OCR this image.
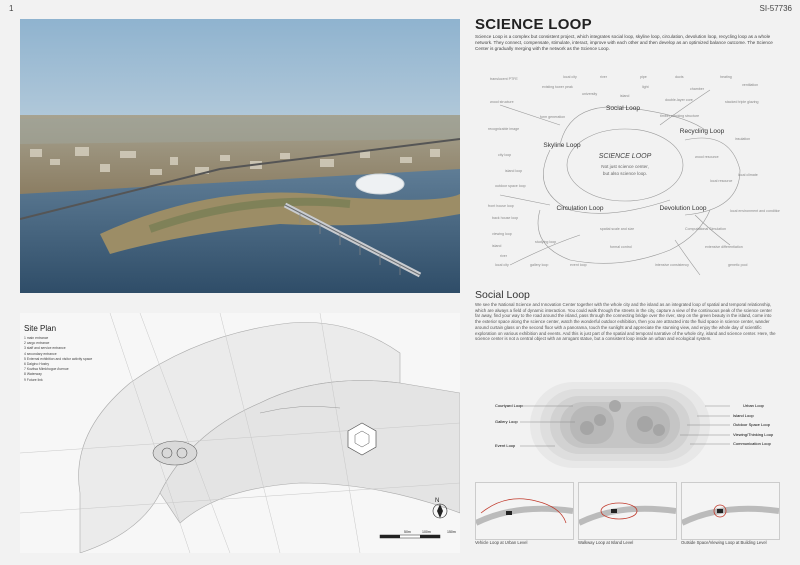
1	SI-57736
SCIENCE LOOP
Science Loop is a complex but consistent project, which integrates social loop, skyline loop, circulation, devolution loop, recycling loop as a whole network. They connect, compensate, stimulate, interact, improve with each other and then develop as an optimized balance outcome. The Science Center is gradually merging with the network as the Science Loop.
SCIENCE LOOP
Not just science center,
but also science loop.
Social Loop
Recycling Loop
Skyline Loop
Circulation Loop	Devolution Loop
translucent PTFE	local city	river	pipe	ducts	heating
ventilation
wood structure
existing tower peak
university
light	chamber
island
double-layer core	stacked triple glazing
form generation	timber stacking structure
recognizable image
insulation
city loop	wood resource
island loop
local climate
outdoor space loop
local resource
front house loop
local environment and condition
back house loop
viewing loop
spatial scale and size	Computational Simulation
island
studying loop
river
formal control	extensive differentiation
local city	gallery loop	event loop	intensive consistency	genetic pool
Social Loop
We see the National Science and Innovation Center together with the whole city and the island as an integrated loop of spatial and temporal relationship, which are always a field of dynamic interaction. You could walk through the streets in the city, capture a view of the continuous peak of the science center far away, find your way to the road around the island, pass through the connecting bridge over the river, step on the green beauty in the island, come into the exterior space along the science center, watch the wonderful outdoor exhibition, then you are attracted into the fluid space in science center, wander around curtain glass on the second floor with a panorama, touch the sunlight and appreciate the stunning view, and enjoy the whole day of scientific exploration on various exhibition and events. And this is just part of the spatial and temporal narrative of the whole city, island and science center. Here, the science center is not a central object with an arrogant statue, but a consistent loop inside an urban and ecological system.
Courtyard Loop
Gallery Loop
Event Loop
Urban Loop
Island Loop
Outdoor Space Loop
Viewing/Thinking Loop
Communication Loop
Vehicle Loop at Urban Level	Walkway Loop at Island Level	Outside Space/Viewing Loop at Building Level
N
50m	100m	150m
Site Plan
1 main entrance
2 cargo entrance
3 staff and service entrance
4 secondary entrance
5 External exhibition and visitor activity space
6 Dalgino Hostry
7 Kozitsa Mimkhogoe Avenue
8 Waterway
9 Future link
